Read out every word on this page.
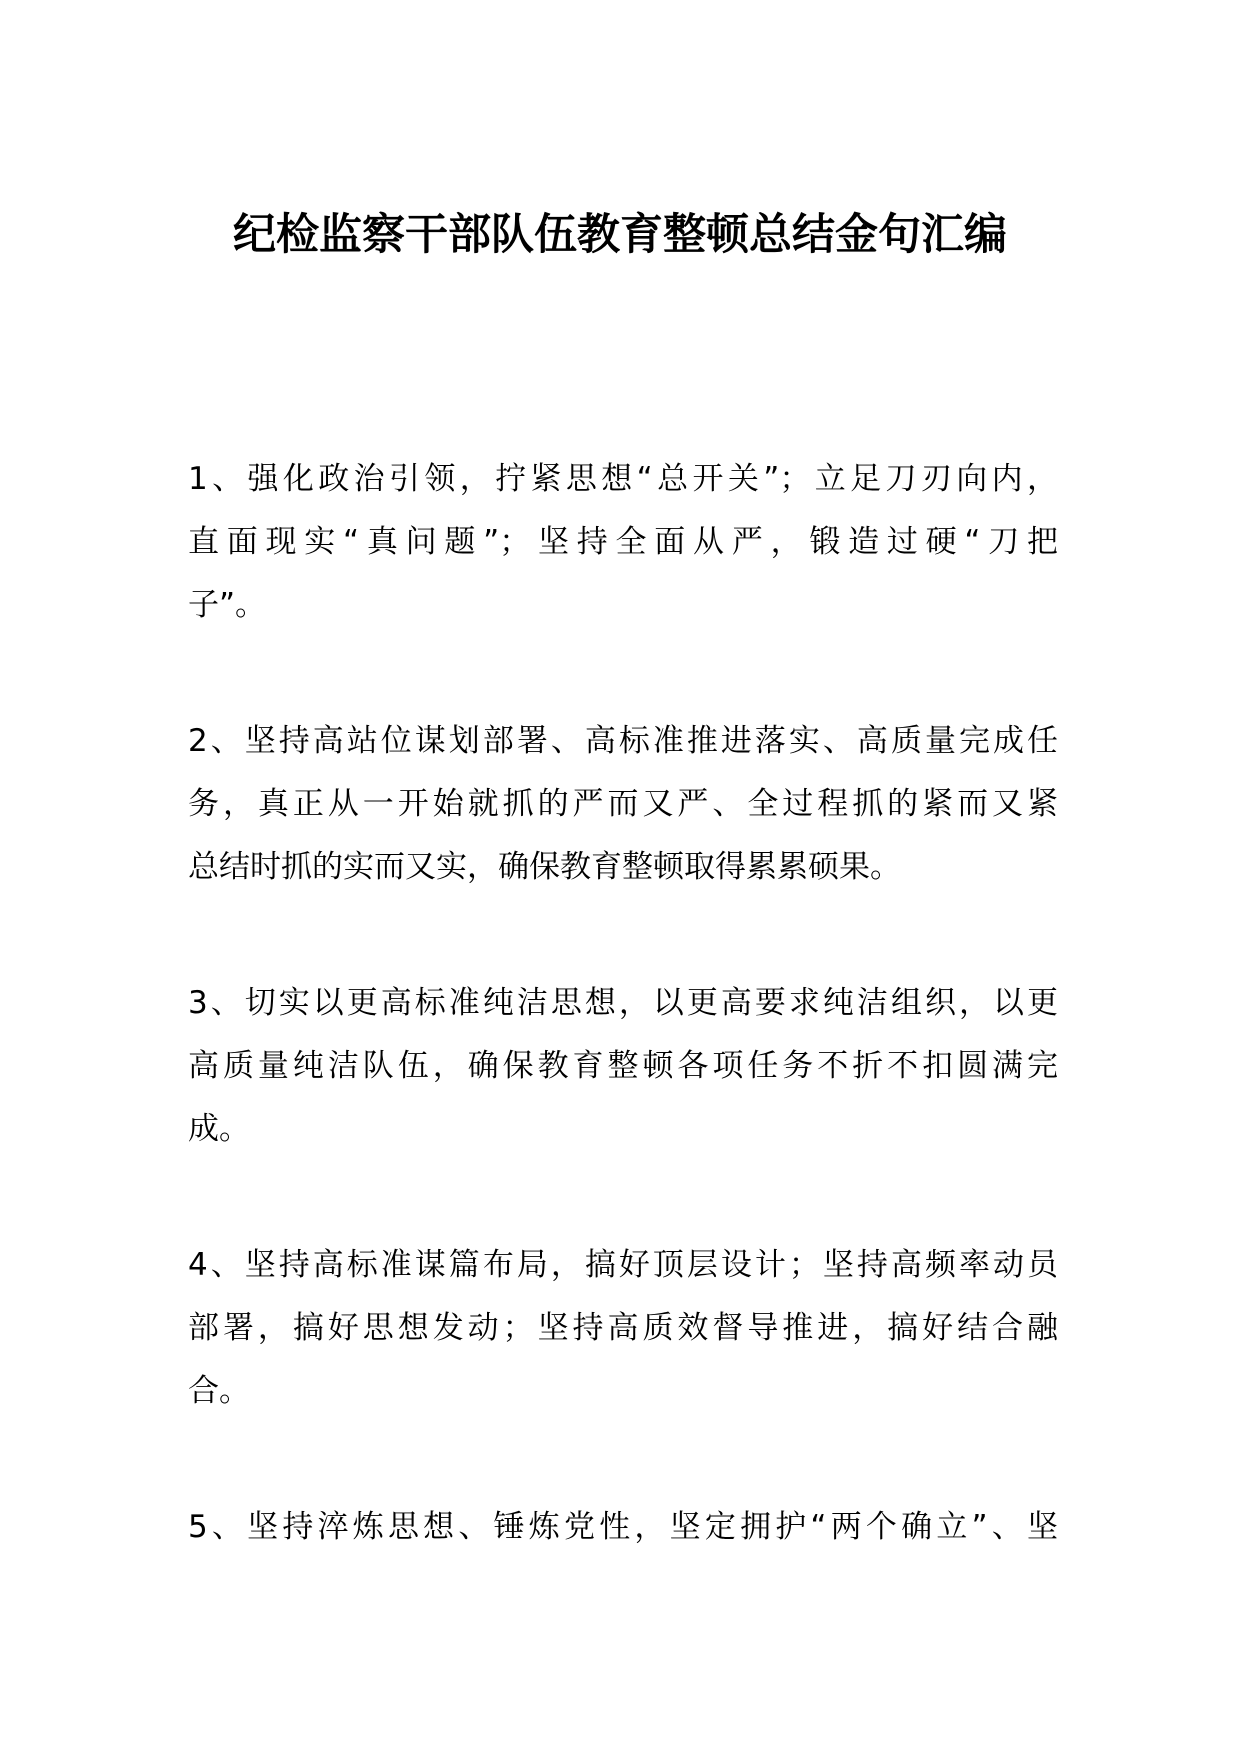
纪检监察干部队伍教育整顿总结金句汇编
1、强化政治引领，拧紧思想“总开关”；立足刀刃向内，
直面现实“真问题”；坚持全面从严，锻造过硬“刀把
子”。
2、坚持高站位谋划部署、高标准推进落实、高质量完成任
务，真正从一开始就抓的严而又严、全过程抓的紧而又紧
总结时抓的实而又实，确保教育整顿取得累累硕果。
3、切实以更高标准纯洁思想，以更高要求纯洁组织，以更
高质量纯洁队伍，确保教育整顿各项任务不折不扣圆满完
成。
4、坚持高标准谋篇布局，搞好顶层设计；坚持高频率动员
部署，搞好思想发动；坚持高质效督导推进，搞好结合融
合。
5、坚持淬炼思想、锤炼党性，坚定拥护“两个确立”、坚
